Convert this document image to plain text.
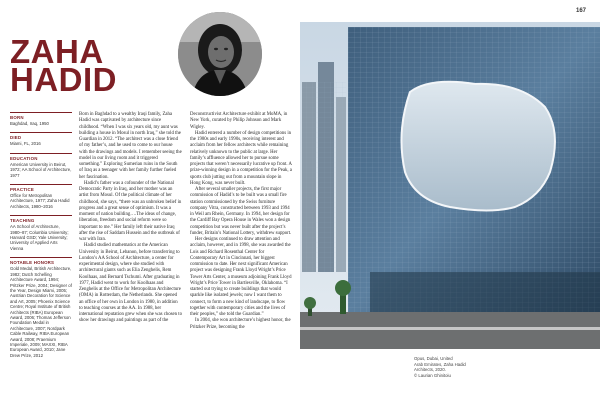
167
ZAHA
HADID
BORN
Baghdad, Iraq, 1950
DIED
Miami, FL, 2016
EDUCATION
American University in Beirut, 1972; AA School of Architecture, 1977
PRACTICE
Office for Metropolitan Architecture, 1977; Zaha Hadid Architects, 1980–2016
TEACHING
AA School of Architecture, 1980–87; Columbia University; Harvard GSD; Yale University; University of Applied Arts Vienna
NOTABLE HONORS
Gold Medal, British Architecture, 1982; Dutch Schelling Architecture Award, 1994; Pritzker Prize, 2004; Designer of the Year, Design Miami, 2005; Austrian Decoration for Science and Art, 2005; Phoenix Science Centre; Royal Institute of British Architects (RIBA) European Award, 2006; Thomas Jefferson Foundation Medal in Architecture, 2007; Nordpark Cable Railway, RIBA European Award, 2008; Praemium Imperiale, 2009; MAXXI, RIBA European Award, 2010; Jane Drew Prize, 2012

Born in Baghdad to a wealthy Iraqi family, Zaha Hadid was captivated by architecture since childhood. “When I was six years old, my aunt was building a house in Mosul in north Iraq,” she told the Guardian in 2012. “The architect was a close friend of my father’s, and he used to come to our house with the drawings and models. I remember seeing the model in our living room and it triggered something.” Exploring Sumerian ruins in the South of Iraq as a teenager with her family further fueled her fascination.

Hadid’s father was a cofounder of the National Democratic Party in Iraq, and her mother was an artist from Mosul. Of the political climate of her childhood, she says, “there was an unbroken belief in progress and a great sense of optimism. It was a moment of nation building….The ideas of change, liberation, freedom and social reform were so important to me.” Her family left their native Iraq after the rise of Saddam Hussein and the outbreak of war with Iran.

Hadid studied mathematics at the American University in Beirut, Lebanon, before transferring to London’s AA School of Architecture, a center for experimental design, where she studied with architectural giants such as Elia Zenghelis, Rem Koolhaas, and Bernard Tschumi. After graduating in 1977, Hadid went to work for Koolhaas and Zenghelis at the Office for Metropolitan Architecture (OMA) in Rotterdam, the Netherlands. She opened an office of her own in London in 1980, in addition to teaching courses at the AA. In 1988, her international reputation grew when she was chosen to show her drawings and paintings as part of the

Deconstructivist Architecture exhibit at MoMA, in New York, curated by Philip Johnson and Mark Wigley.

Hadid entered a number of design competitions in the 1980s and early 1990s, receiving interest and acclaim from her fellow architects while remaining relatively unknown to the public at large. Her family’s affluence allowed her to pursue some projects that weren’t necessarily lucrative up front. A prize-winning design in a competition for the Peak, a sports club jutting out from a mountain slope in Hong Kong, was never built.

After several smaller projects, the first major commission of Hadid’s to be built was a small fire station commissioned by the Swiss furniture company Vitra, constructed between 1993 and 1994 in Weil am Rhein, Germany. In 1994, her design for the Cardiff Bay Opera House in Wales won a design competition but was never built after the project’s funder, Britain’s National Lottery, withdrew support.

Her designs continued to draw attention and acclaim, however, and in 1998, she was awarded the Lois and Richard Rosenthal Center for Contemporary Art in Cincinnati, her biggest commission to date. Her next significant American project was designing Frank Lloyd Wright’s Price Tower Arts Center, a museum adjoining Frank Lloyd Wright’s Price Tower in Bartlesville, Oklahoma. “I started out trying to create buildings that would sparkle like isolated jewels; now I want them to connect, to form a new kind of landscape, to flow together with contemporary cities and the lives of their peoples,” she told the Guardian.”

In 2004, she won architecture’s highest honor, the Pritzker Prize, becoming the

Opus, Dubai, United
Arab Emirates, Zaha Hadid
Architects, 2020.
© Laurian Ghinitoiu
